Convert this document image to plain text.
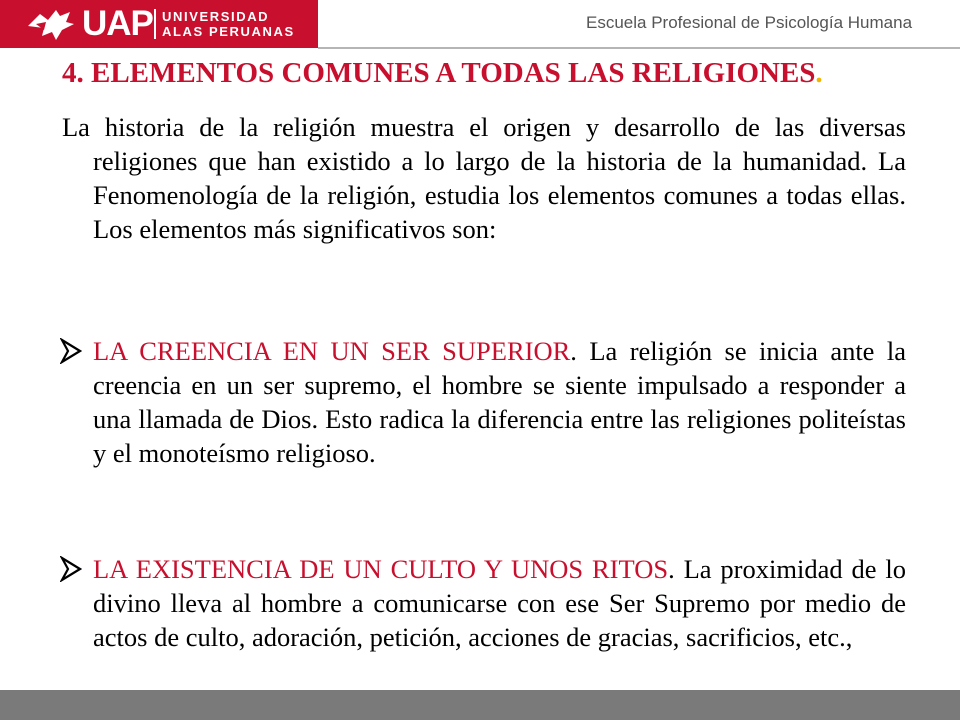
UAP UNIVERSIDAD
ALAS PERUANAS	Escuela Profesional de Psicología Humana
4. ELEMENTOS COMUNES A TODAS LAS RELIGIONES.
La historia de la religión muestra el origen y desarrollo de las diversas religiones que han existido a lo largo de la historia de la humanidad. La Fenomenología de la religión, estudia los elementos comunes a todas ellas. Los elementos más significativos son:
LA CREENCIA EN UN SER SUPERIOR. La religión se inicia ante la creencia en un ser supremo, el hombre se siente impulsado a responder a una llamada de Dios. Esto radica la diferencia entre las religiones politeístas y el monoteísmo religioso.
LA EXISTENCIA DE UN CULTO Y UNOS RITOS. La proximidad de lo divino lleva al hombre a comunicarse con ese Ser Supremo por medio de actos de culto, adoración, petición, acciones de gracias, sacrificios, etc.,
